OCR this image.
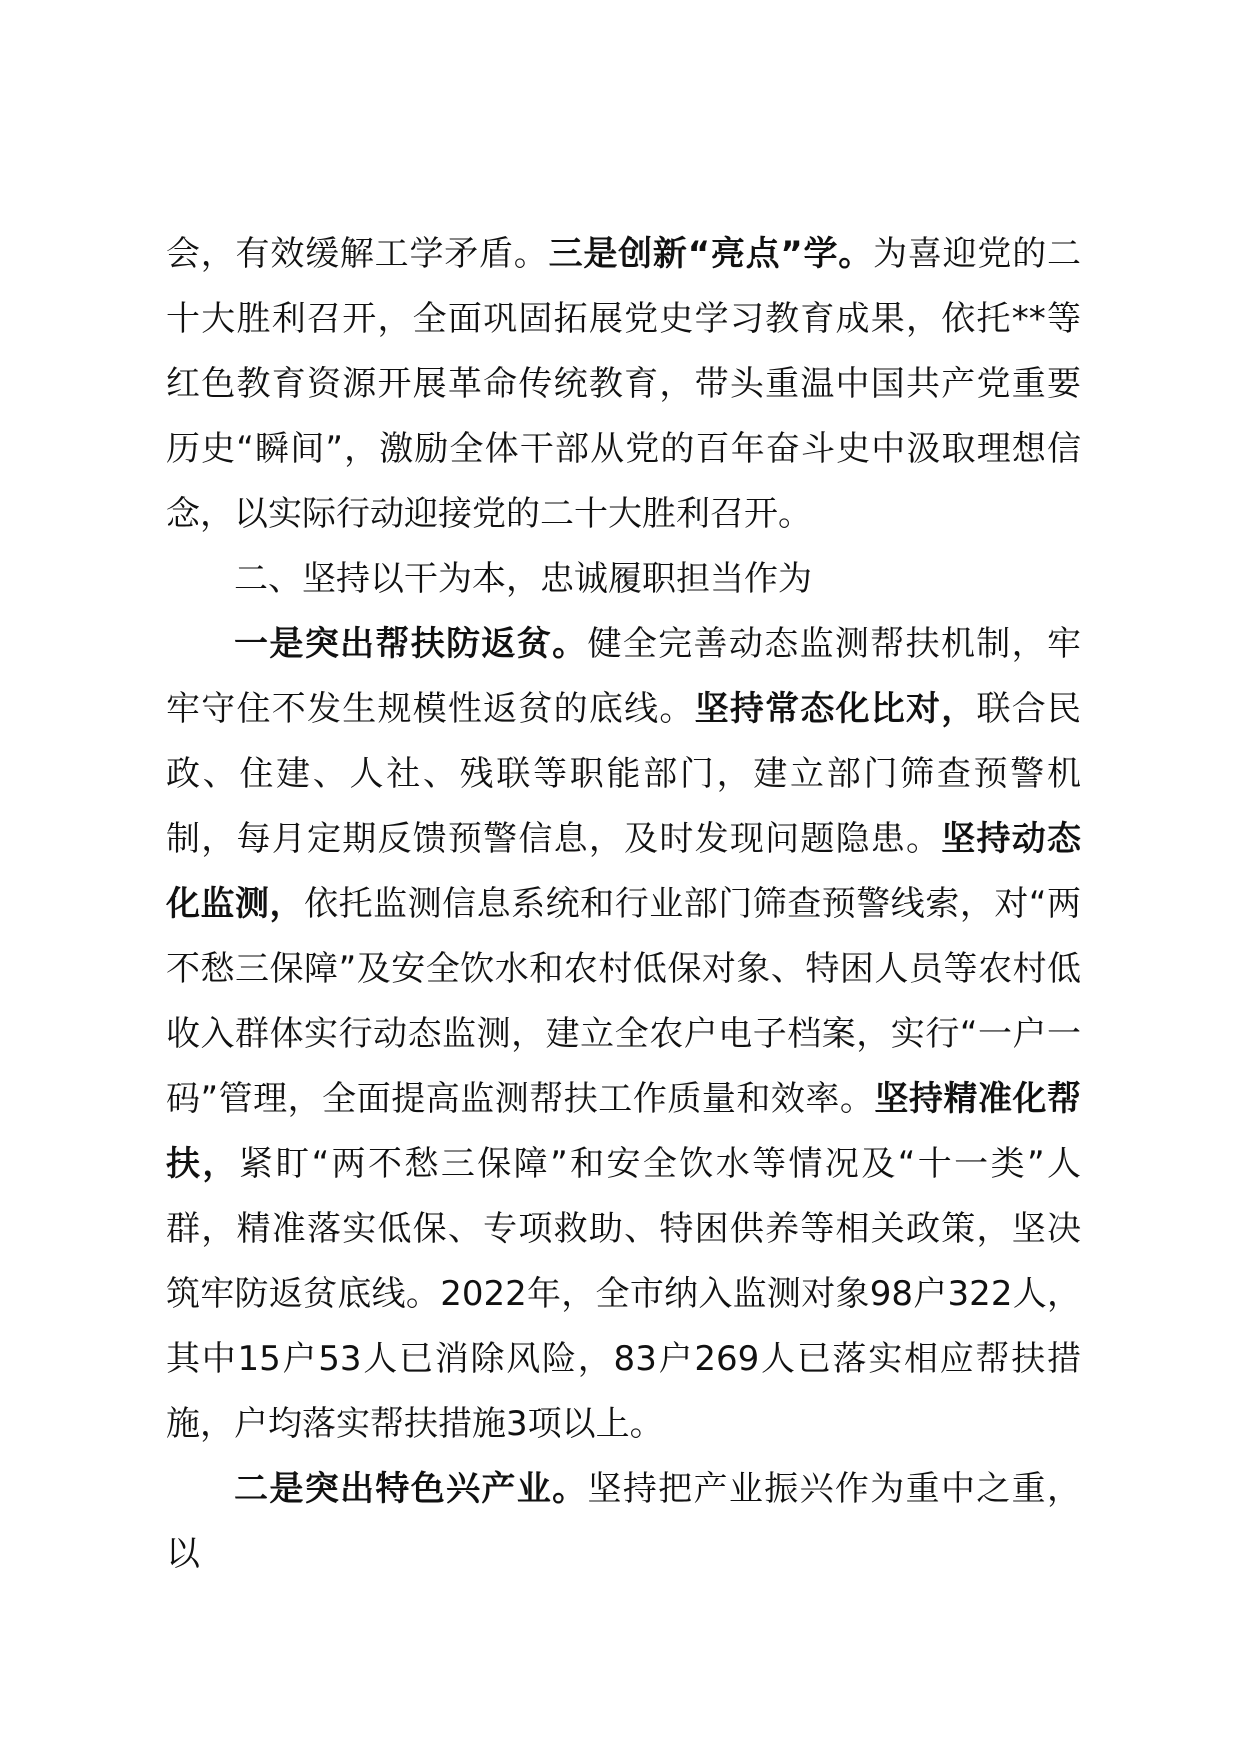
会，有效缓解工学矛盾。三是创新“亮点”学。为喜迎党的二十大胜利召开，全面巩固拓展党史学习教育成果，依托**等红色教育资源开展革命传统教育，带头重温中国共产党重要历史“瞬间”，激励全体干部从党的百年奋斗史中汲取理想信念，以实际行动迎接党的二十大胜利召开。

二、坚持以干为本，忠诚履职担当作为

一是突出帮扶防返贫。健全完善动态监测帮扶机制，牢牢守住不发生规模性返贫的底线。坚持常态化比对，联合民政、住建、人社、残联等职能部门，建立部门筛查预警机制，每月定期反馈预警信息，及时发现问题隐患。坚持动态化监测，依托监测信息系统和行业部门筛查预警线索，对“两不愁三保障”及安全饮水和农村低保对象、特困人员等农村低收入群体实行动态监测，建立全农户电子档案，实行“一户一码”管理，全面提高监测帮扶工作质量和效率。坚持精准化帮扶，紧盯“两不愁三保障”和安全饮水等情况及“十一类”人群，精准落实低保、专项救助、特困供养等相关政策，坚决筑牢防返贫底线。2022年，全市纳入监测对象98户322人，其中15户53人已消除风险，83户269人已落实相应帮扶措施，户均落实帮扶措施3项以上。

二是突出特色兴产业。坚持把产业振兴作为重中之重，以
